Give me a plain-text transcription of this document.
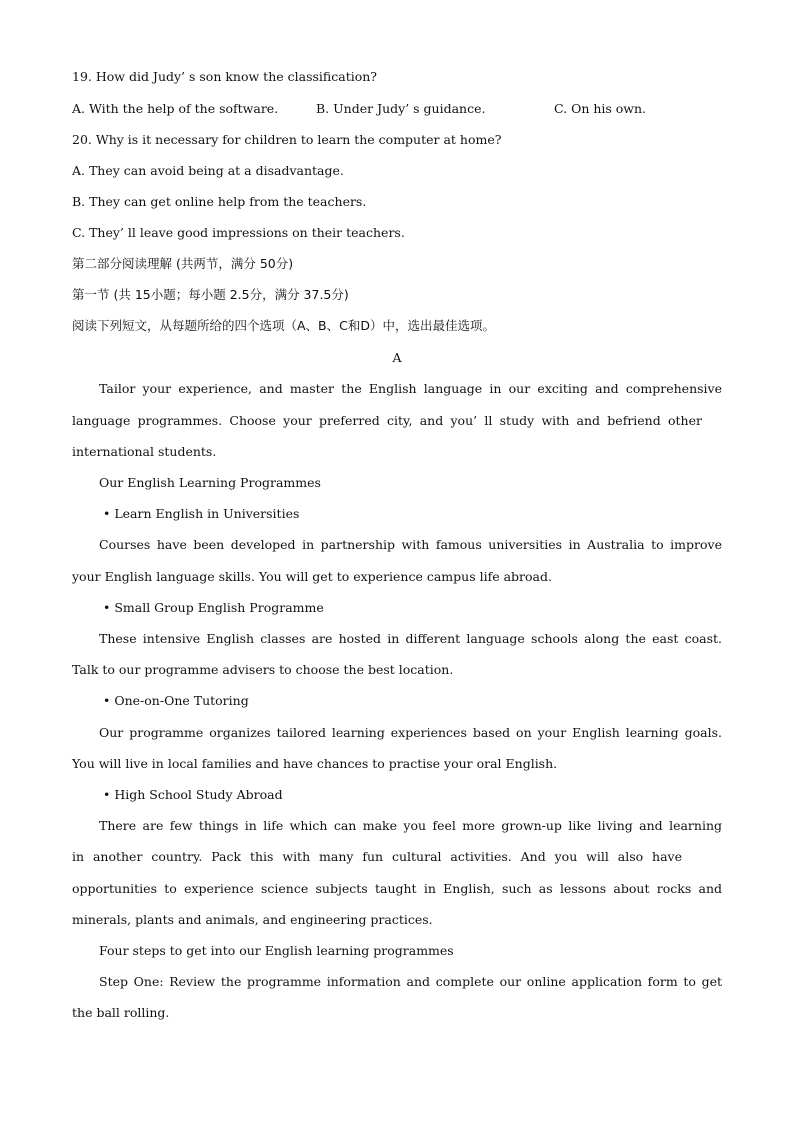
19. How did Judy’ s son know the classification?
A. With the help of the software.	B. Under Judy’ s guidance.	C. On his own.
20. Why is it necessary for children to learn the computer at home?
A. They can avoid being at a disadvantage.
B. They can get online help from the teachers.
C. They’ ll leave good impressions on their teachers.
第二部分阅读理解 (共两节，满分 50分)
第一节 (共 15小题；每小题 2.5分，满分 37.5分)
阅读下列短文，从每题所给的四个选项（A、B、C和D）中，选出最佳选项。
A
Tailor your experience, and master the English language in our exciting and comprehensive
language programmes. Choose your preferred city, and you’ ll study with and befriend other
international students.
Our English Learning Programmes
• Learn English in Universities
Courses have been developed in partnership with famous universities in Australia to improve
your English language skills. You will get to experience campus life abroad.
• Small Group English Programme
These intensive English classes are hosted in different language schools along the east coast.
Talk to our programme advisers to choose the best location.
• One-on-One Tutoring
Our programme organizes tailored learning experiences based on your English learning goals.
You will live in local families and have chances to practise your oral English.
• High School Study Abroad
There are few things in life which can make you feel more grown-up like living and learning
in another country. Pack this with many fun cultural activities. And you will also have
opportunities to experience science subjects taught in English, such as lessons about rocks and
minerals, plants and animals, and engineering practices.
Four steps to get into our English learning programmes
Step One: Review the programme information and complete our online application form to get
the ball rolling.
